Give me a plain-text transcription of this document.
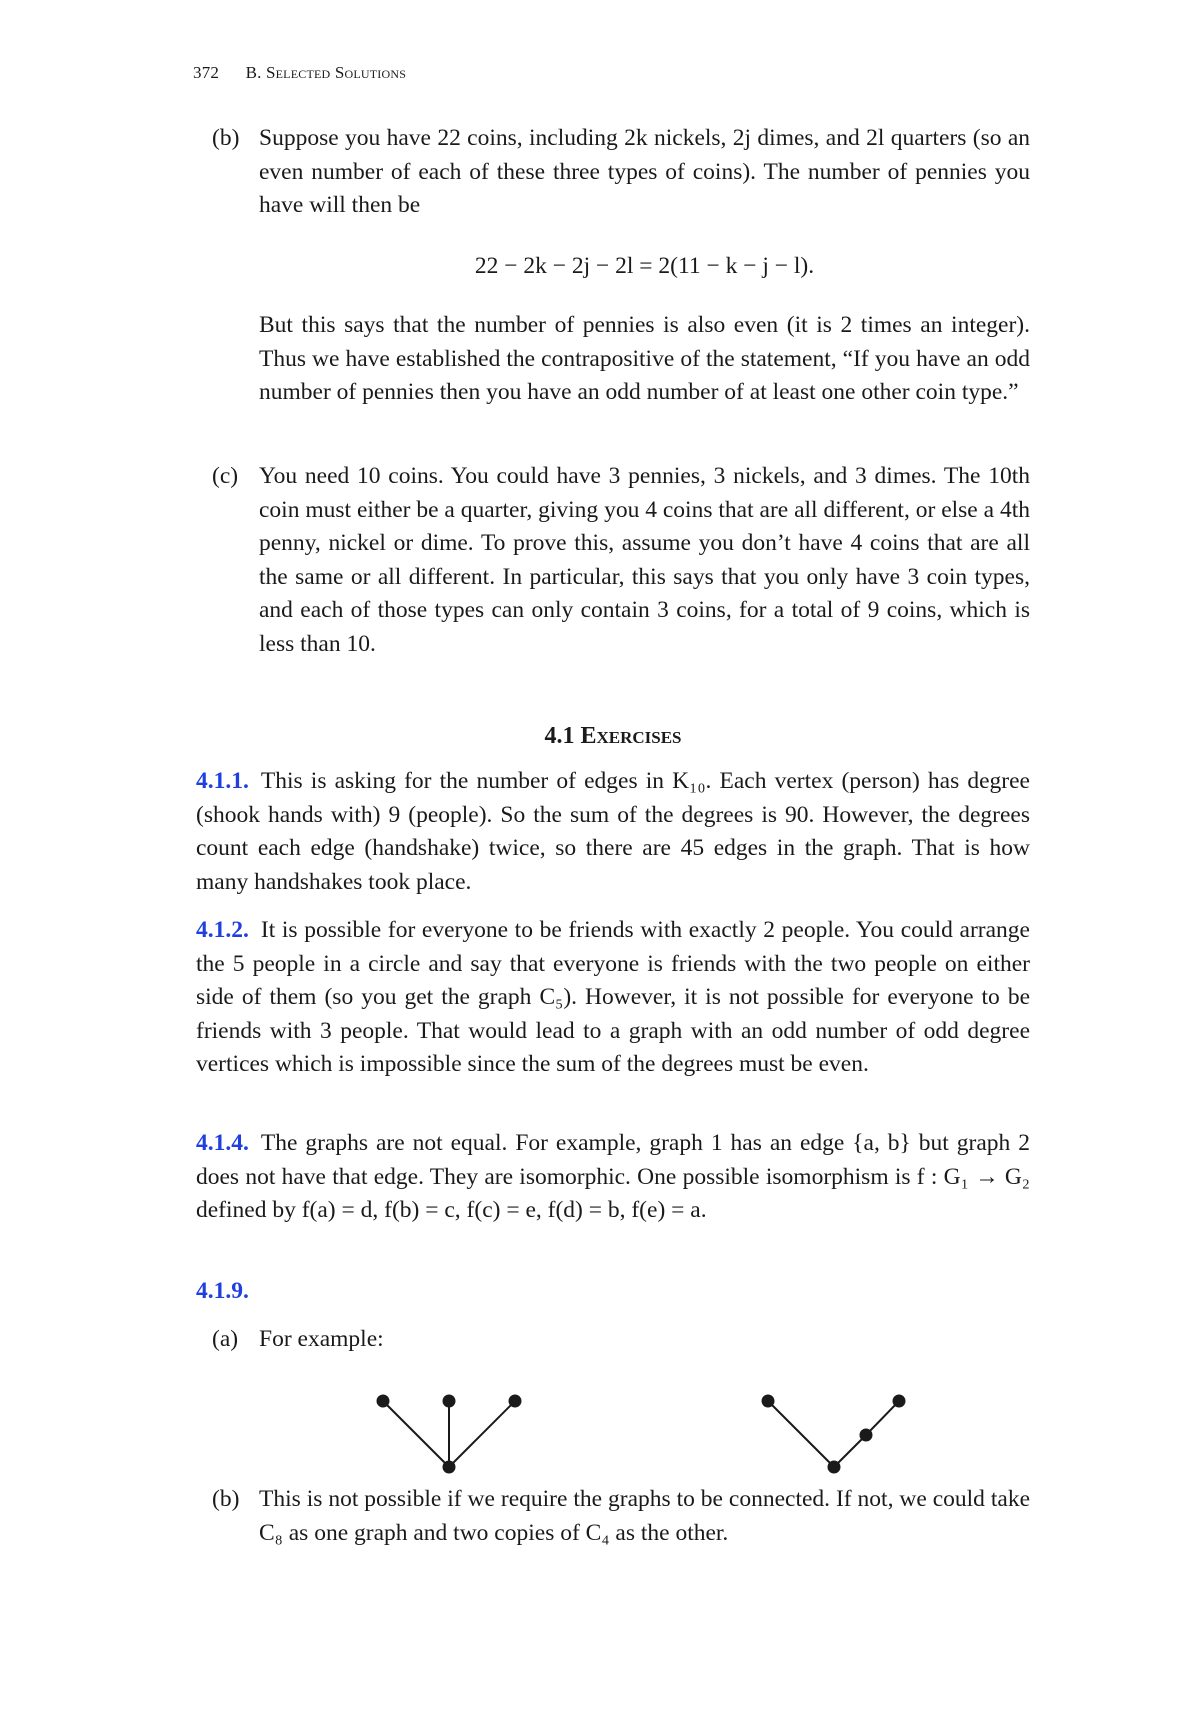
372 B. Selected Solutions
(b) Suppose you have 22 coins, including 2k nickels, 2j dimes, and 2l quarters (so an even number of each of these three types of coins). The number of pennies you have will then be
22 − 2k − 2j − 2l = 2(11 − k − j − l).
But this says that the number of pennies is also even (it is 2 times an integer). Thus we have established the contrapositive of the statement, “If you have an odd number of pennies then you have an odd number of at least one other coin type.”
(c) You need 10 coins. You could have 3 pennies, 3 nickels, and 3 dimes. The 10th coin must either be a quarter, giving you 4 coins that are all different, or else a 4th penny, nickel or dime. To prove this, assume you don’t have 4 coins that are all the same or all different. In particular, this says that you only have 3 coin types, and each of those types can only contain 3 coins, for a total of 9 coins, which is less than 10.
4.1 Exercises
4.1.1. This is asking for the number of edges in K₁₀. Each vertex (person) has degree (shook hands with) 9 (people). So the sum of the degrees is 90. However, the degrees count each edge (handshake) twice, so there are 45 edges in the graph. That is how many handshakes took place.
4.1.2. It is possible for everyone to be friends with exactly 2 people. You could arrange the 5 people in a circle and say that everyone is friends with the two people on either side of them (so you get the graph C₅). However, it is not possible for everyone to be friends with 3 people. That would lead to a graph with an odd number of odd degree vertices which is impossible since the sum of the degrees must be even.
4.1.4. The graphs are not equal. For example, graph 1 has an edge {a, b} but graph 2 does not have that edge. They are isomorphic. One possible isomorphism is f : G₁ → G₂ defined by f(a) = d, f(b) = c, f(c) = e, f(d) = b, f(e) = a.
4.1.9.
(a) For example:
(b) This is not possible if we require the graphs to be connected. If not, we could take C₈ as one graph and two copies of C₄ as the other.
